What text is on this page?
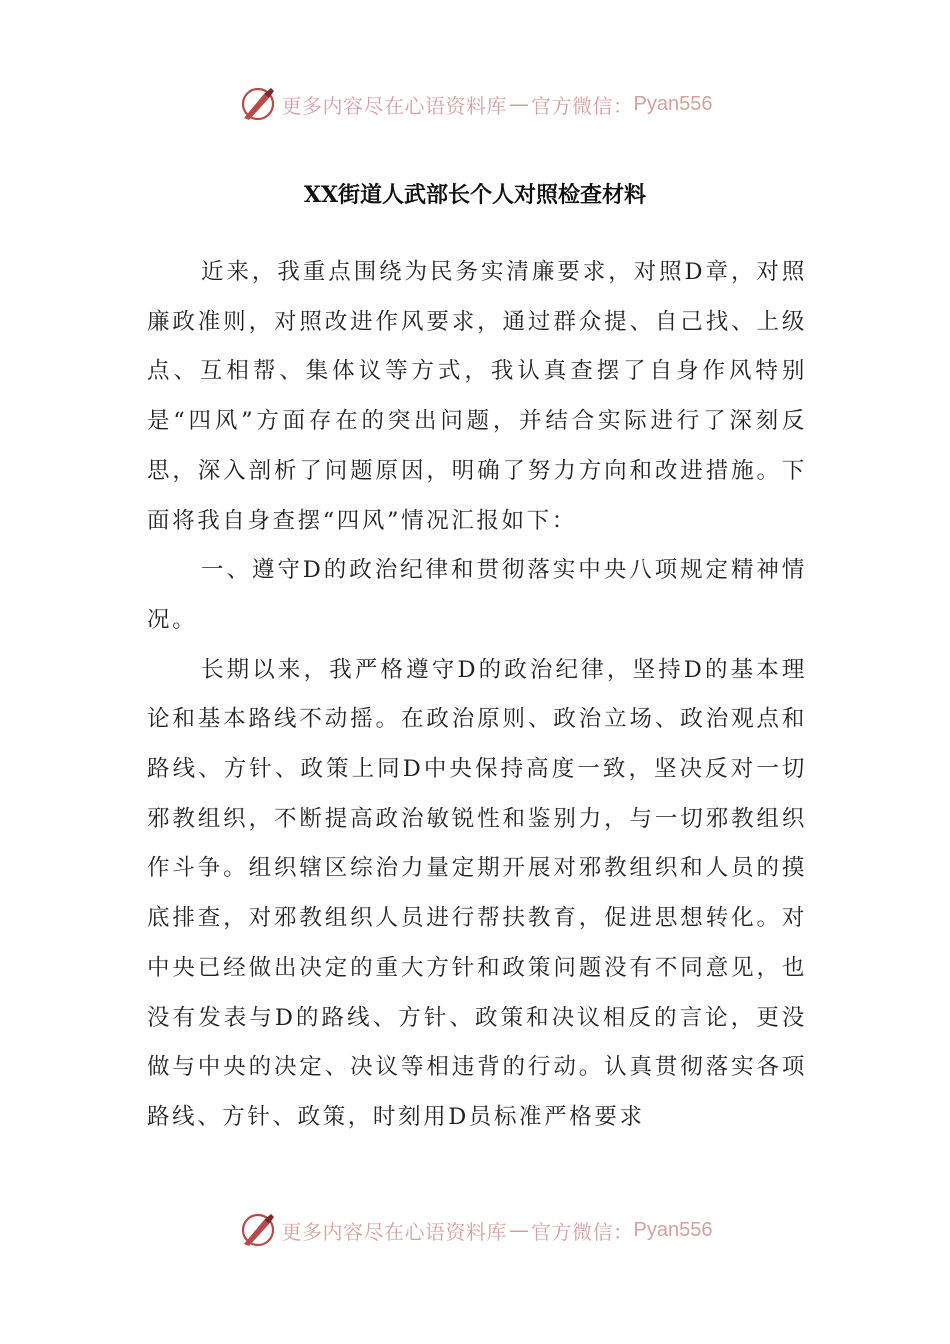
更多内容尽在心语资料库 — 官方微信： Pyan556
XX街道人武部长个人对照检查材料

近来，我重点围绕为民务实清廉要求，对照D章，对照廉政准则，对照改进作风要求，通过群众提、自己找、上级点、互相帮、集体议等方式，我认真查摆了自身作风特别是“四风”方面存在的突出问题，并结合实际进行了深刻反思，深入剖析了问题原因，明确了努力方向和改进措施。下面将我自身查摆“四风”情况汇报如下：

一、遵守D的政治纪律和贯彻落实中央八项规定精神情况。

长期以来，我严格遵守D的政治纪律，坚持D的基本理论和基本路线不动摇。在政治原则、政治立场、政治观点和路线、方针、政策上同D中央保持高度一致，坚决反对一切邪教组织，不断提高政治敏锐性和鉴别力，与一切邪教组织作斗争。组织辖区综治力量定期开展对邪教组织和人员的摸底排查，对邪教组织人员进行帮扶教育，促进思想转化。对中央已经做出决定的重大方针和政策问题没有不同意见，也没有发表与D的路线、方针、政策和决议相反的言论，更没做与中央的决定、决议等相违背的行动。认真贯彻落实各项路线、方针、政策，时刻用D员标准严格要求

更多内容尽在心语资料库 — 官方微信： Pyan556
